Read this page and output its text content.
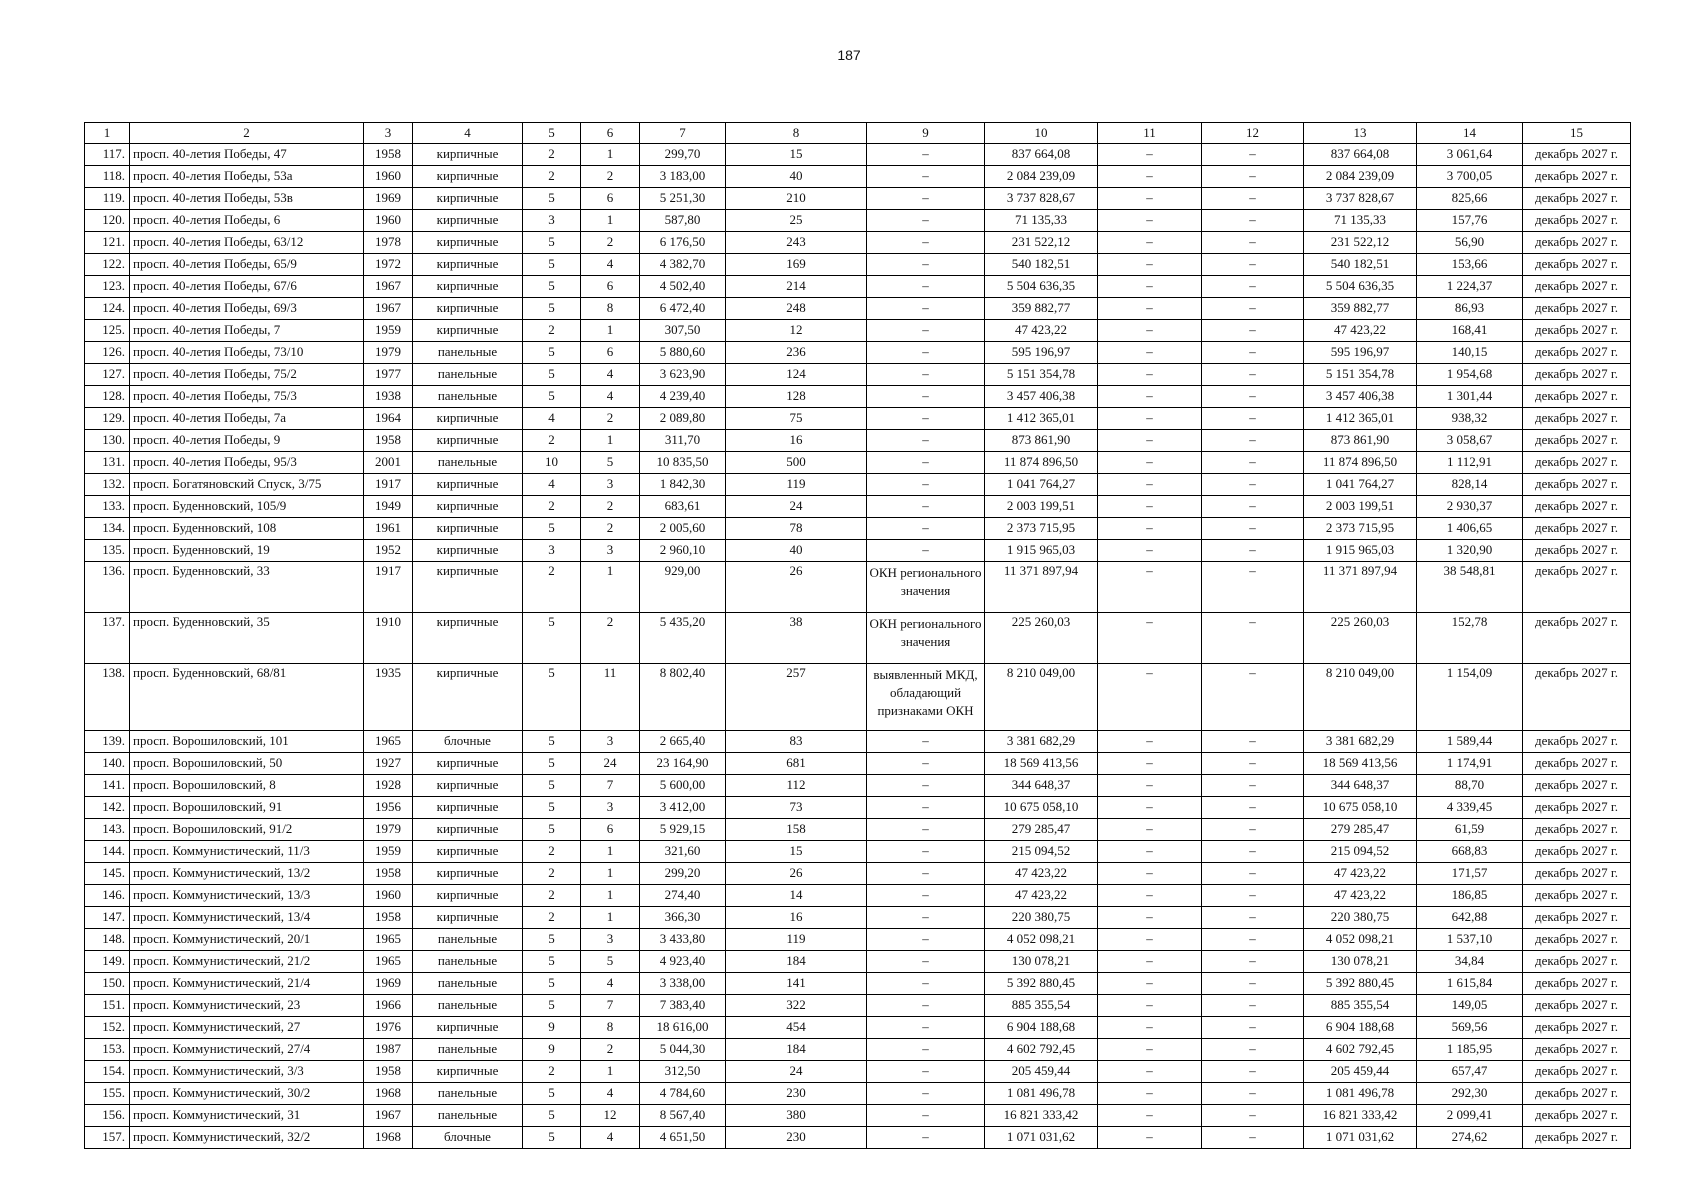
187
1	2	3	4	5	6	7	8	9	10	11	12	13	14	15
117.	просп. 40-летия Победы, 47	1958	кирпичные	2	1	299,70	15	–	837 664,08	–	–	837 664,08	3 061,64	декабрь 2027 г.
118.	просп. 40-летия Победы, 53а	1960	кирпичные	2	2	3 183,00	40	–	2 084 239,09	–	–	2 084 239,09	3 700,05	декабрь 2027 г.
119.	просп. 40-летия Победы, 53в	1969	кирпичные	5	6	5 251,30	210	–	3 737 828,67	–	–	3 737 828,67	825,66	декабрь 2027 г.
120.	просп. 40-летия Победы, 6	1960	кирпичные	3	1	587,80	25	–	71 135,33	–	–	71 135,33	157,76	декабрь 2027 г.
121.	просп. 40-летия Победы, 63/12	1978	кирпичные	5	2	6 176,50	243	–	231 522,12	–	–	231 522,12	56,90	декабрь 2027 г.
122.	просп. 40-летия Победы, 65/9	1972	кирпичные	5	4	4 382,70	169	–	540 182,51	–	–	540 182,51	153,66	декабрь 2027 г.
123.	просп. 40-летия Победы, 67/6	1967	кирпичные	5	6	4 502,40	214	–	5 504 636,35	–	–	5 504 636,35	1 224,37	декабрь 2027 г.
124.	просп. 40-летия Победы, 69/3	1967	кирпичные	5	8	6 472,40	248	–	359 882,77	–	–	359 882,77	86,93	декабрь 2027 г.
125.	просп. 40-летия Победы, 7	1959	кирпичные	2	1	307,50	12	–	47 423,22	–	–	47 423,22	168,41	декабрь 2027 г.
126.	просп. 40-летия Победы, 73/10	1979	панельные	5	6	5 880,60	236	–	595 196,97	–	–	595 196,97	140,15	декабрь 2027 г.
127.	просп. 40-летия Победы, 75/2	1977	панельные	5	4	3 623,90	124	–	5 151 354,78	–	–	5 151 354,78	1 954,68	декабрь 2027 г.
128.	просп. 40-летия Победы, 75/3	1938	панельные	5	4	4 239,40	128	–	3 457 406,38	–	–	3 457 406,38	1 301,44	декабрь 2027 г.
129.	просп. 40-летия Победы, 7а	1964	кирпичные	4	2	2 089,80	75	–	1 412 365,01	–	–	1 412 365,01	938,32	декабрь 2027 г.
130.	просп. 40-летия Победы, 9	1958	кирпичные	2	1	311,70	16	–	873 861,90	–	–	873 861,90	3 058,67	декабрь 2027 г.
131.	просп. 40-летия Победы, 95/3	2001	панельные	10	5	10 835,50	500	–	11 874 896,50	–	–	11 874 896,50	1 112,91	декабрь 2027 г.
132.	просп. Богатяновский Спуск, 3/75	1917	кирпичные	4	3	1 842,30	119	–	1 041 764,27	–	–	1 041 764,27	828,14	декабрь 2027 г.
133.	просп. Буденновский, 105/9	1949	кирпичные	2	2	683,61	24	–	2 003 199,51	–	–	2 003 199,51	2 930,37	декабрь 2027 г.
134.	просп. Буденновский, 108	1961	кирпичные	5	2	2 005,60	78	–	2 373 715,95	–	–	2 373 715,95	1 406,65	декабрь 2027 г.
135.	просп. Буденновский, 19	1952	кирпичные	3	3	2 960,10	40	–	1 915 965,03	–	–	1 915 965,03	1 320,90	декабрь 2027 г.
136.	просп. Буденновский, 33	1917	кирпичные	2	1	929,00	26	ОКН регионального значения	11 371 897,94	–	–	11 371 897,94	38 548,81	декабрь 2027 г.
137.	просп. Буденновский, 35	1910	кирпичные	5	2	5 435,20	38	ОКН регионального значения	225 260,03	–	–	225 260,03	152,78	декабрь 2027 г.
138.	просп. Буденновский, 68/81	1935	кирпичные	5	11	8 802,40	257	выявленный МКД, обладающий признаками ОКН	8 210 049,00	–	–	8 210 049,00	1 154,09	декабрь 2027 г.
139.	просп. Ворошиловский, 101	1965	блочные	5	3	2 665,40	83	–	3 381 682,29	–	–	3 381 682,29	1 589,44	декабрь 2027 г.
140.	просп. Ворошиловский, 50	1927	кирпичные	5	24	23 164,90	681	–	18 569 413,56	–	–	18 569 413,56	1 174,91	декабрь 2027 г.
141.	просп. Ворошиловский, 8	1928	кирпичные	5	7	5 600,00	112	–	344 648,37	–	–	344 648,37	88,70	декабрь 2027 г.
142.	просп. Ворошиловский, 91	1956	кирпичные	5	3	3 412,00	73	–	10 675 058,10	–	–	10 675 058,10	4 339,45	декабрь 2027 г.
143.	просп. Ворошиловский, 91/2	1979	кирпичные	5	6	5 929,15	158	–	279 285,47	–	–	279 285,47	61,59	декабрь 2027 г.
144.	просп. Коммунистический, 11/3	1959	кирпичные	2	1	321,60	15	–	215 094,52	–	–	215 094,52	668,83	декабрь 2027 г.
145.	просп. Коммунистический, 13/2	1958	кирпичные	2	1	299,20	26	–	47 423,22	–	–	47 423,22	171,57	декабрь 2027 г.
146.	просп. Коммунистический, 13/3	1960	кирпичные	2	1	274,40	14	–	47 423,22	–	–	47 423,22	186,85	декабрь 2027 г.
147.	просп. Коммунистический, 13/4	1958	кирпичные	2	1	366,30	16	–	220 380,75	–	–	220 380,75	642,88	декабрь 2027 г.
148.	просп. Коммунистический, 20/1	1965	панельные	5	3	3 433,80	119	–	4 052 098,21	–	–	4 052 098,21	1 537,10	декабрь 2027 г.
149.	просп. Коммунистический, 21/2	1965	панельные	5	5	4 923,40	184	–	130 078,21	–	–	130 078,21	34,84	декабрь 2027 г.
150.	просп. Коммунистический, 21/4	1969	панельные	5	4	3 338,00	141	–	5 392 880,45	–	–	5 392 880,45	1 615,84	декабрь 2027 г.
151.	просп. Коммунистический, 23	1966	панельные	5	7	7 383,40	322	–	885 355,54	–	–	885 355,54	149,05	декабрь 2027 г.
152.	просп. Коммунистический, 27	1976	кирпичные	9	8	18 616,00	454	–	6 904 188,68	–	–	6 904 188,68	569,56	декабрь 2027 г.
153.	просп. Коммунистический, 27/4	1987	панельные	9	2	5 044,30	184	–	4 602 792,45	–	–	4 602 792,45	1 185,95	декабрь 2027 г.
154.	просп. Коммунистический, 3/3	1958	кирпичные	2	1	312,50	24	–	205 459,44	–	–	205 459,44	657,47	декабрь 2027 г.
155.	просп. Коммунистический, 30/2	1968	панельные	5	4	4 784,60	230	–	1 081 496,78	–	–	1 081 496,78	292,30	декабрь 2027 г.
156.	просп. Коммунистический, 31	1967	панельные	5	12	8 567,40	380	–	16 821 333,42	–	–	16 821 333,42	2 099,41	декабрь 2027 г.
157.	просп. Коммунистический, 32/2	1968	блочные	5	4	4 651,50	230	–	1 071 031,62	–	–	1 071 031,62	274,62	декабрь 2027 г.
